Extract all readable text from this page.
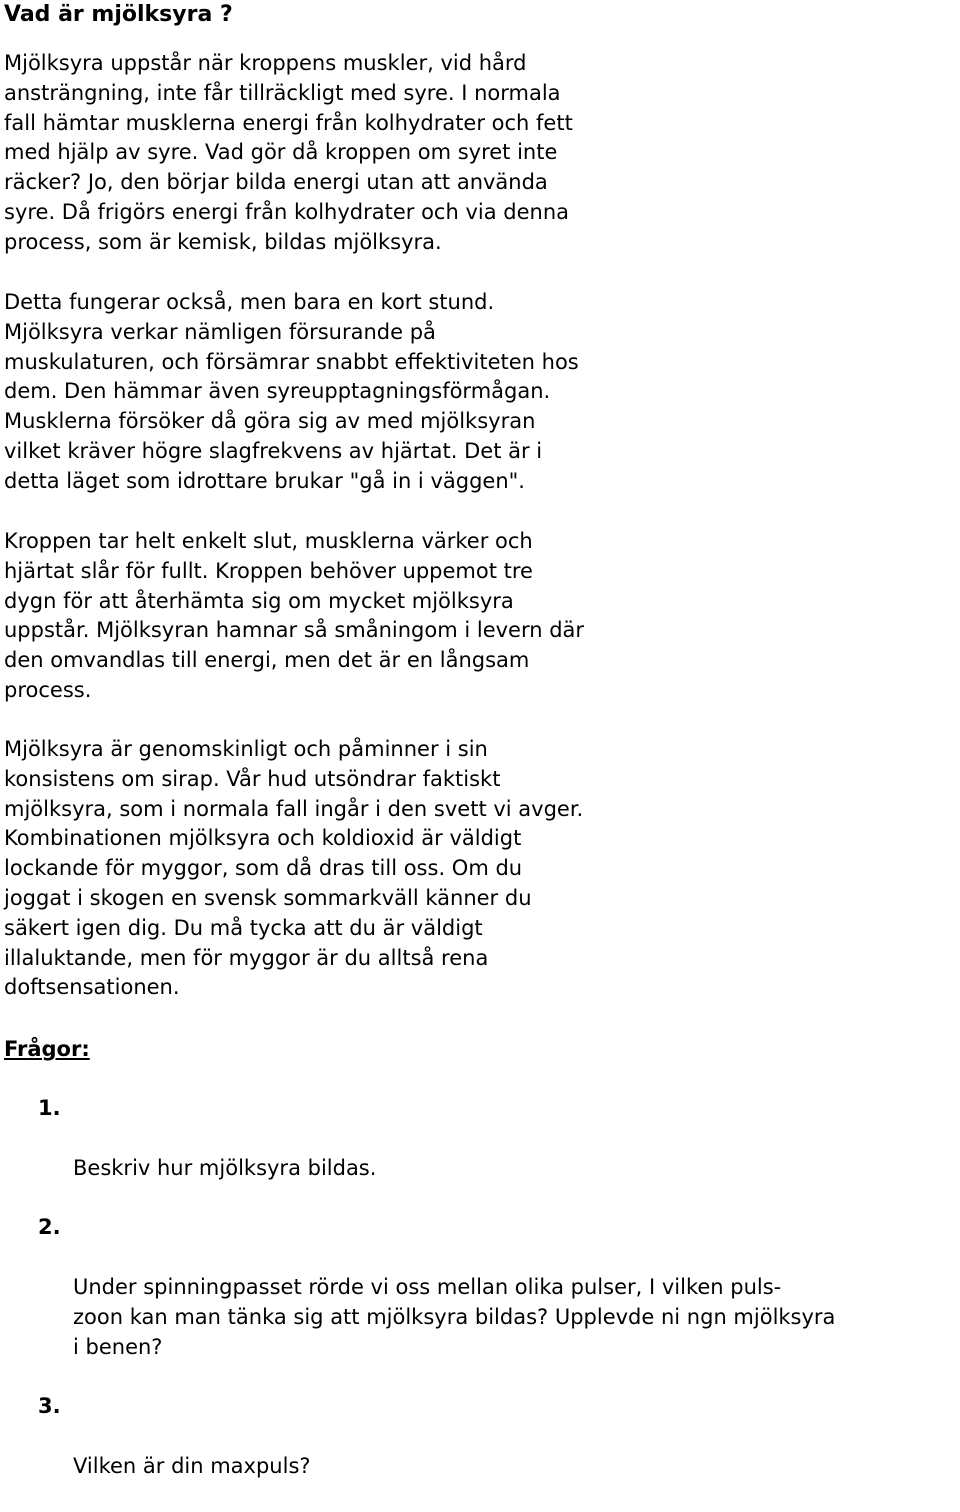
Vad är mjölksyra ?

Mjölksyra uppstår när kroppens muskler, vid hård
ansträngning, inte får tillräckligt med syre. I normala
fall hämtar musklerna energi från kolhydrater och fett
med hjälp av syre. Vad gör då kroppen om syret inte
räcker? Jo, den börjar bilda energi utan att använda
syre. Då frigörs energi från kolhydrater och via denna
process, som är kemisk, bildas mjölksyra.

Detta fungerar också, men bara en kort stund.
Mjölksyra verkar nämligen försurande på
muskulaturen, och försämrar snabbt effektiviteten hos
dem. Den hämmar även syreupptagningsförmågan.
Musklerna försöker då göra sig av med mjölksyran
vilket kräver högre slagfrekvens av hjärtat. Det är i
detta läget som idrottare brukar "gå in i väggen".

Kroppen tar helt enkelt slut, musklerna värker och
hjärtat slår för fullt. Kroppen behöver uppemot tre
dygn för att återhämta sig om mycket mjölksyra
uppstår. Mjölksyran hamnar så småningom i levern där
den omvandlas till energi, men det är en långsam
process.

Mjölksyra är genomskinligt och påminner i sin
konsistens om sirap. Vår hud utsöndrar faktiskt
mjölksyra, som i normala fall ingår i den svett vi avger.
Kombinationen mjölksyra och koldioxid är väldigt
lockande för myggor, som då dras till oss. Om du
joggat i skogen en svensk sommarkväll känner du
säkert igen dig. Du må tycka att du är väldigt
illaluktande, men för myggor är du alltså rena
doftsensationen.

Frågor:

1.

Beskriv hur mjölksyra bildas.

2.

Under spinningpasset rörde vi oss mellan olika pulser, I vilken puls-
zoon kan man tänka sig att mjölksyra bildas? Upplevde ni ngn mjölksyra
i benen?

3.

Vilken är din maxpuls?
